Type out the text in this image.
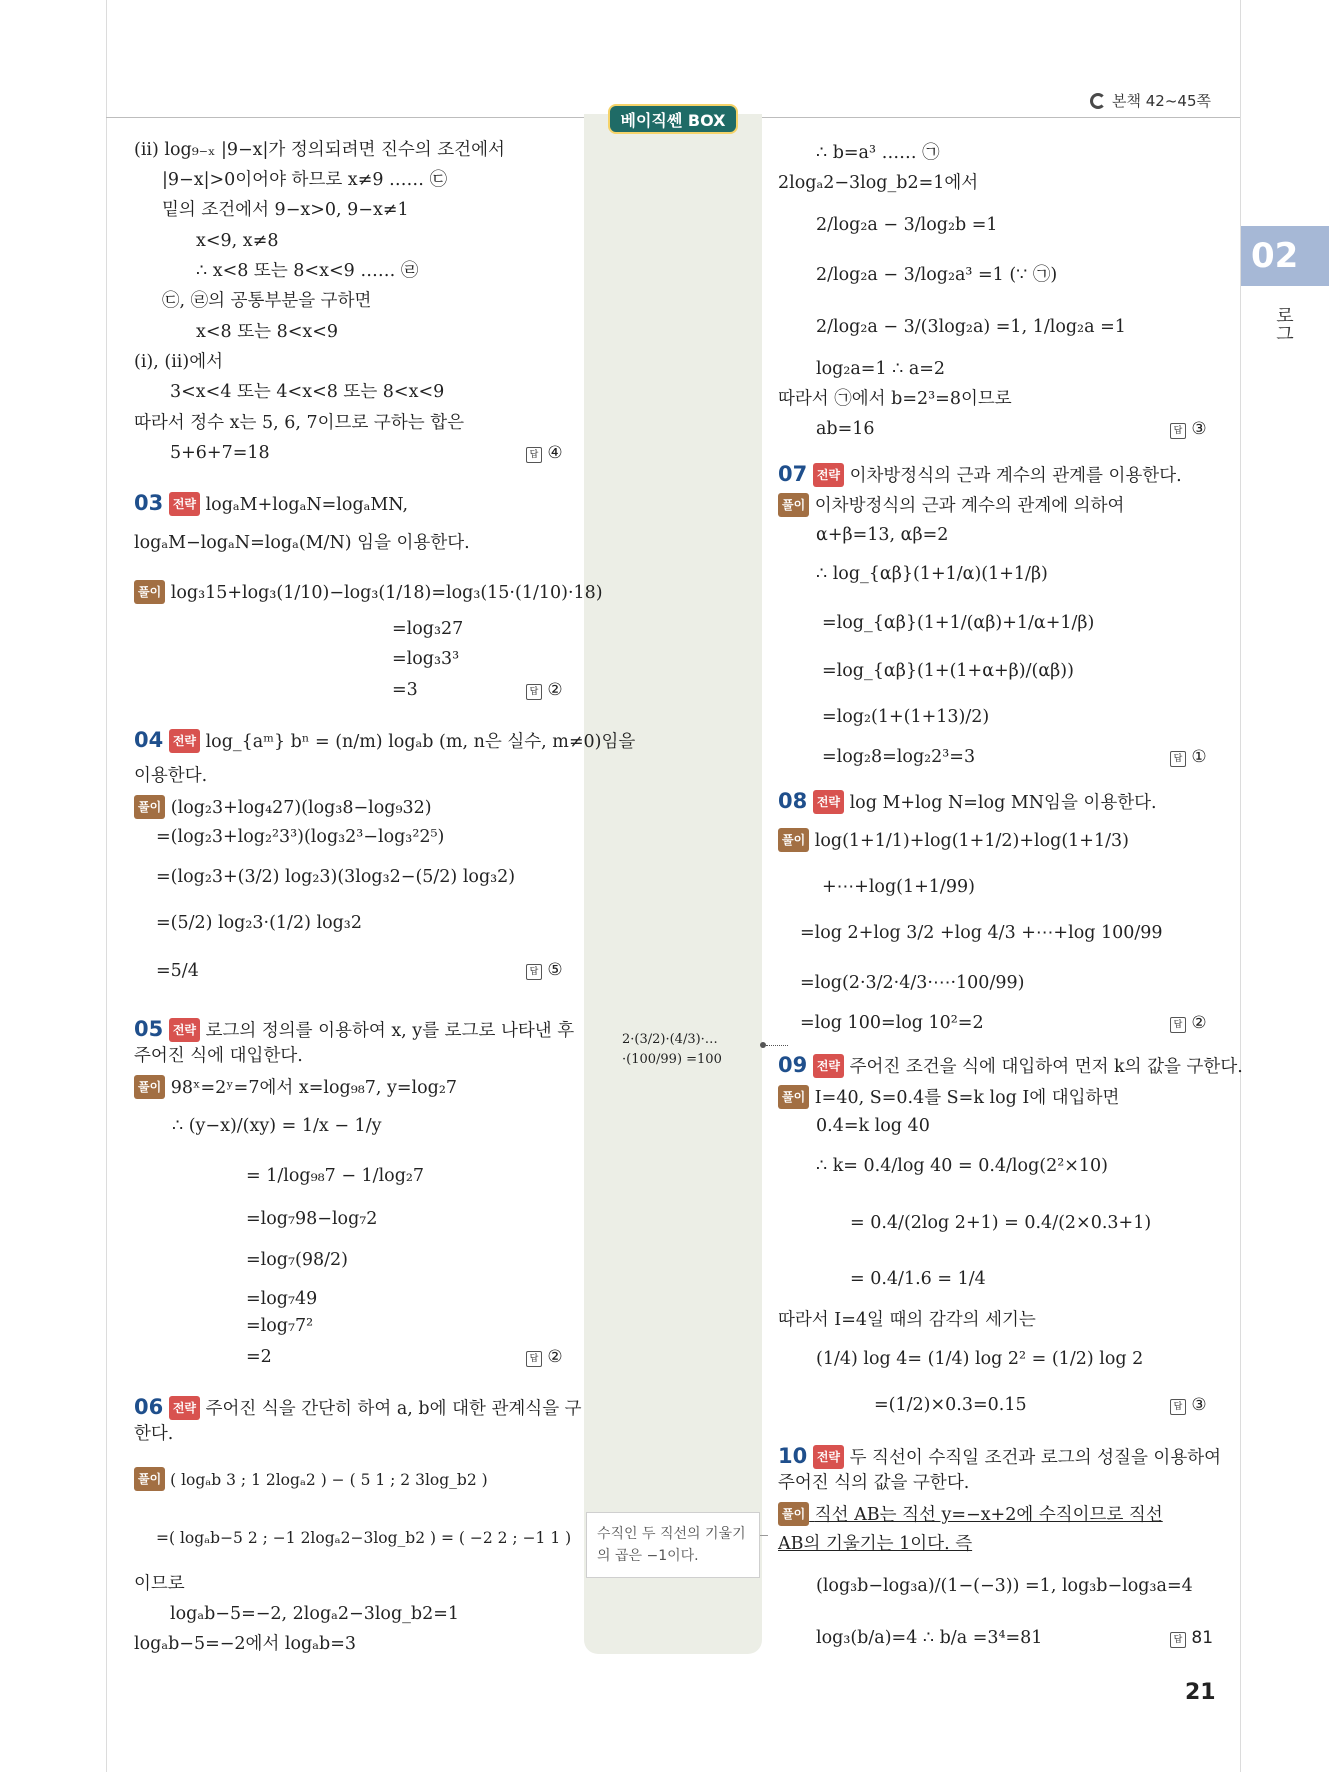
본책 42~45쪽
베이직쎈 BOX
02
로그
(ii) log₉₋ₓ |9−x|가 정의되려면 진수의 조건에서
|9−x|>0이어야 하므로 x≠9 …… ㉢
밑의 조건에서 9−x>0, 9−x≠1
x<9, x≠8
∴ x<8 또는 8<x<9 …… ㉣
㉢, ㉣의 공통부분을 구하면
x<8 또는 8<x<9
(i), (ii)에서
3<x<4 또는 4<x<8 또는 8<x<9
따라서 정수 x는 5, 6, 7이므로 구하는 합은
5+6+7=18	답 ④
03 전략 logₐM+logₐN=logₐMN,
logₐM−logₐN=logₐ(M/N) 임을 이용한다.
풀이 log₃15+log₃(1/10)−log₃(1/18)=log₃(15·(1/10)·18)
=log₃27
=log₃3³
=3	답 ②
04 전략 log_{aᵐ} bⁿ = (n/m) logₐb (m, n은 실수, m≠0)임을
이용한다.
풀이 (log₂3+log₄27)(log₃8−log₉32)
=(log₂3+log₂²3³)(log₃2³−log₃²2⁵)
=(log₂3+(3/2) log₂3)(3log₃2−(5/2) log₃2)
=(5/2) log₂3·(1/2) log₃2
=5/4	답 ⑤
05 전략 로그의 정의를 이용하여 x, y를 로그로 나타낸 후
주어진 식에 대입한다.
풀이 98ˣ=2ʸ=7에서 x=log₉₈7, y=log₂7
∴ (y−x)/(xy) = 1/x − 1/y
= 1/log₉₈7 − 1/log₂7
=log₇98−log₇2
=log₇(98/2)
=log₇49
=log₇7²
=2	답 ②
06 전략 주어진 식을 간단히 하여 a, b에 대한 관계식을 구
한다.
풀이 ( logₐb 3 ; 1 2logₐ2 ) − ( 5 1 ; 2 3log_b2 )
=( logₐb−5 2 ; −1 2logₐ2−3log_b2 ) = ( −2 2 ; −1 1 )
이므로
logₐb−5=−2, 2logₐ2−3log_b2=1
logₐb−5=−2에서 logₐb=3
2·(3/2)·(4/3)·…·(100/99) =100
수직인 두 직선의 기울기의 곱은 −1이다.
∴ b=a³ …… ㉠
2logₐ2−3log_b2=1에서
2/log₂a − 3/log₂b =1
2/log₂a − 3/log₂a³ =1 (∵ ㉠)
2/log₂a − 3/(3log₂a) =1, 1/log₂a =1
log₂a=1 ∴ a=2
따라서 ㉠에서 b=2³=8이므로
ab=16	답 ③
07 전략 이차방정식의 근과 계수의 관계를 이용한다.
풀이 이차방정식의 근과 계수의 관계에 의하여
α+β=13, αβ=2
∴ log_{αβ}(1+1/α)(1+1/β)
=log_{αβ}(1+1/(αβ)+1/α+1/β)
=log_{αβ}(1+(1+α+β)/(αβ))
=log₂(1+(1+13)/2)
=log₂8=log₂2³=3	답 ①
08 전략 log M+log N=log MN임을 이용한다.
풀이 log(1+1/1)+log(1+1/2)+log(1+1/3)
+⋯+log(1+1/99)
=log 2+log 3/2 +log 4/3 +⋯+log 100/99
=log(2·3/2·4/3·⋯·100/99)
=log 100=log 10²=2	답 ②
09 전략 주어진 조건을 식에 대입하여 먼저 k의 값을 구한다.
풀이 I=40, S=0.4를 S=k log I에 대입하면
0.4=k log 40
∴ k= 0.4/log 40 = 0.4/log(2²×10)
= 0.4/(2log 2+1) = 0.4/(2×0.3+1)
= 0.4/1.6 = 1/4
따라서 I=4일 때의 감각의 세기는
(1/4) log 4= (1/4) log 2² = (1/2) log 2
=(1/2)×0.3=0.15	답 ③
10 전략 두 직선이 수직일 조건과 로그의 성질을 이용하여
주어진 식의 값을 구한다.
풀이 직선 AB는 직선 y=−x+2에 수직이므로 직선
AB의 기울기는 1이다. 즉
(log₃b−log₃a)/(1−(−3)) =1, log₃b−log₃a=4
log₃(b/a)=4 ∴ b/a =3⁴=81	답 81
21
